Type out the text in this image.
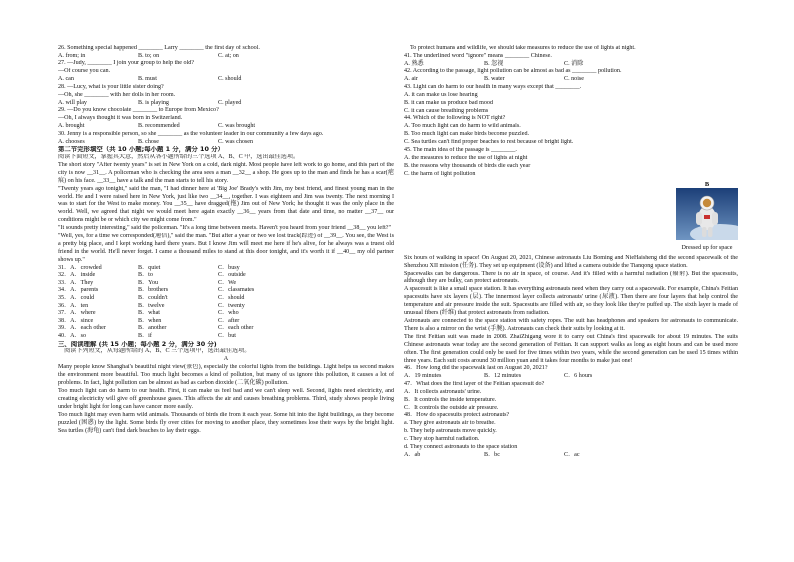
26. Something special happened ________ Larry ________ the first day of school.
A. from; in	B. to; on	C. at; on
27. —Judy, ________ I join your group to help the old?
—Of course you can.
A. can	B. must	C. should
28. —Lucy, what is your little sister doing?
—Oh, she ________ with her dolls in her room.
A. will play	B. is playing	C. played
29. —Do you know chocolate ________ to Europe from Mexico?
—Oh, I always thought it was born in Switzerland.
A. brought	B. recommended	C. was brought
30. Jenny is a responsible person, so she ________ as the volunteer leader in our community a few days ago.
A. chooses	B. chose	C. was chosen
第二节完形填空（共 10 小题;每小题 1 分，满分 10 分）
阅读下面短文，掌握其大意，然后从各小题所给的三个选项 A、B、C 中，选出最佳选项。
The short story "After twenty years" is set in New York on a cold, dark night. Most people have left work to go home, and this part of the city is now __31__. A policeman who is checking the area sees a man __32__ a shop. He goes up to the man and finds he has a scar(疤痕) on his face. __33__ have a talk and the man starts to tell his story.
"Twenty years ago tonight," said the man, "I had dinner here at 'Big Joe' Brady's with Jim, my best friend, and finest young man in the world. He and I were raised here in New York, just like two __34__, together. I was eighteen and Jim was twenty. The next morning I was to start for the West to make money. You __35__ have dragged(拖) Jim out of New York; he thought it was the only place in the world. Well, we agreed that night we would meet here again exactly __36__ years from that date and time, no matter __37__ our conditions might be or which city we might come from."
"It sounds pretty interesting," said the policeman. "It's a long time between meets. Haven't you heard from your friend __38__ you left?"
"Well, yes, for a time we corresponded(通信)," said the man. "But after a year or two we lost track(踪迹) of __39__. You see, the West is a pretty big place, and I kept working hard there years. But I know Jim will meet me here if he's alive, for he always was a truest old friend in the world. He'll never forget. I came a thousand miles to stand at this door tonight, and it's worth it if __40__ my old partner shows up."
31．A．crowded	B．quiet	C．busy
32．A．inside	B．to	C．outside
33．A．They	B．You	C．We
34．A．parents	B．brothers	C．classmates
35．A．could	B．couldn't	C．should
36．A．ten	B．twelve	C．twenty
37．A．where	B．what	C．who
38．A．since	B．when	C．after
39．A．each other	B．another	C．each other
40．A．so	B．if	C．but
三、阅读理解 (共 15 小题；每小题 2 分，满分 30 分)
阅读下列短文，从每题所给的 A、B、C 三个选项中，选出最佳选项。
A
Many people know Shanghai's beautiful night view(景色), especially the colorful lights from the buildings. Light helps us second makes the environment more beautiful. Too much light becomes a kind of pollution, but many of us ignore this pollution, it causes a lot of problems. In fact, light pollution can be almost as bad as carbon dioxide (二氧化碳) pollution.
Too much light can do harm to our health. First, it can make us feel bad and we can't sleep well. Second, lights need electricity, and creating electricity will give off greenhouse gases. This affects the air and causes breathing problems. Third, study shows people living under bright light for long can have cancer more easily.
Too much light may even harm wild animals. Thousands of birds die from it each year. Some hit into the light buildings, as they become puzzled (困惑) by the light. Some birds fly over cities for moving to another place, they sometimes lose their ways by the bright light. Sea turtles (海龟) can't find dark beaches to lay their eggs.
To protect humans and wildlife, we should take measures to reduce the use of lights at night.
41. The underlined word "ignore" means ________ Chinese.
A. 熟悉	B. 忽视	C. 消除
42. According to the passage, light pollution can be almost as bad as ________ pollution.
A. air	B. water	C. noise
43. Light can do harm to our health in many ways except that ________.
A. it can make us lose hearing
B. it can make us produce bad mood
C. it can cause breathing problems
44. Which of the following is NOT right?
A. Too much light can do harm to wild animals.
B. Too much light can make birds become puzzled.
C. Sea turtles can't find proper beaches to rest because of bright light.
45. The main idea of the passage is ________.
A. the measures to reduce the use of lights at night
B. the reasons why thousands of birds die each year
C. the harm of light pollution
B
Dressed up for space
Six hours of walking in space! On August 20, 2021, Chinese astronauts Liu Boming and NieHaisheng did the second spacewalk of the Shenzhou XII mission (任务). They set up equipment (设备) and lifted a camera outside the Tianqong space station.
Spacewalks can be dangerous. There is no air in space, of course. And it's filled with a harmful radiation (辐射). But the spacesuits, although they are bulky, can protect astronauts.
A spacesuit is like a small space station. It has everything astronauts need when they carry out a spacewalk. For example, China's Feitian spacesuits have six layers (层). The innermost layer collects astronauts' urine (尿液). Then there are four layers that help control the temperature and air pressure inside the suit. Spacesuits are filled with air, so they look like they're puffed up. The sixth layer is made of unusual fibers (纤维) that protect astronauts from radiation.
Astronauts are connected to the space station with safety ropes. The suit has headphones and speakers for astronauts to communicate. There is also a mirror on the wrist (手腕). Astronauts can check their suits by looking at it.
The first Feitian suit was made in 2008. ZhaiZhigang wore it to carry out China's first spacewalk for about 19 minutes. The suits Chinese astronauts wear today are the second generation of Feitian. It can support walks as long as eight hours and can be used more often. The first generation could only be used for five times within two years, while the second generation can be used 15 times within three years. Each suit costs around 30 million yuan and it takes four months to make just one!
46．How long did the spacewalk last on August 20, 2021?
A．19 minutes	B．12 minutes	C．6 hours
47．What does the first layer of the Feitian spacesuit do?
A．It collects astronauts' urine.
B．It controls the inside temperature.
C．It controls the outside air pressure.
48．How do spacesuits protect astronauts?
a. They give astronauts air to breathe.
b. They help astronauts move quickly.
c. They stop harmful radiation.
d. They connect astronauts to the space station
A．ab	B．bc	C．ac
